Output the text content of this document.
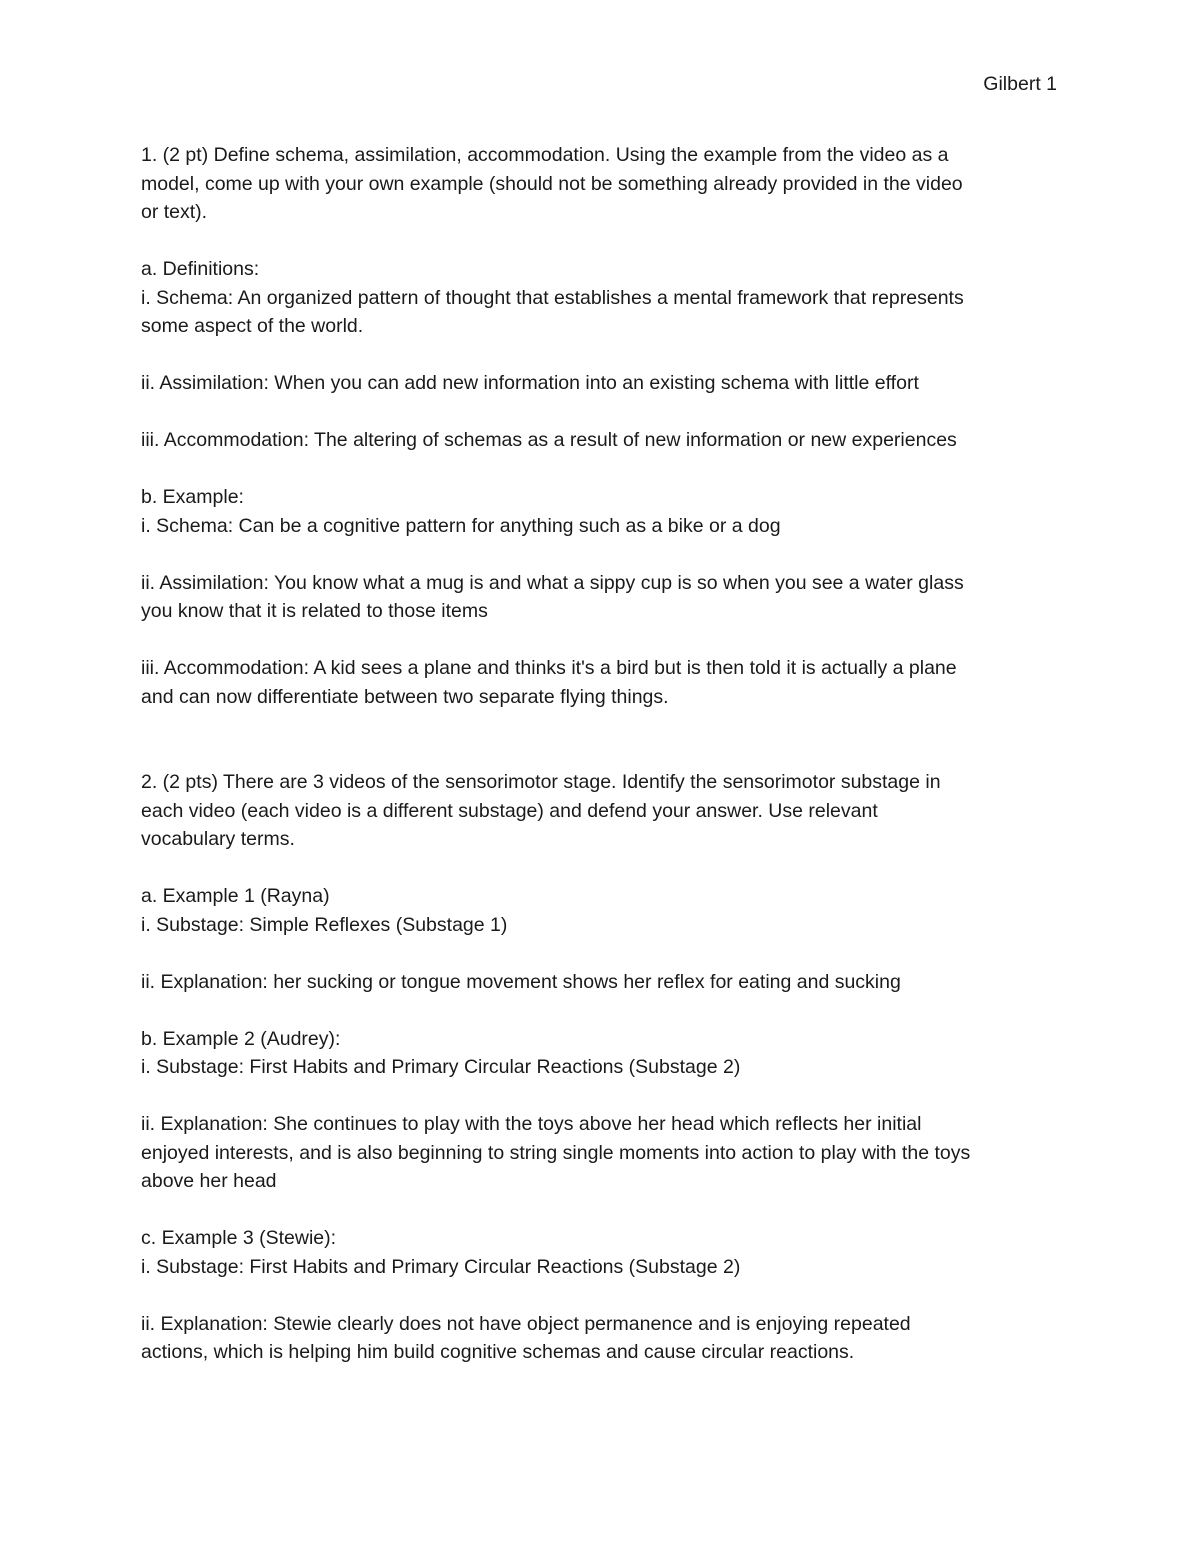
Gilbert 1

1. (2 pt) Define schema, assimilation, accommodation. Using the example from the video as a

model, come up with your own example (should not be something already provided in the video

or text).

a. Definitions:

i. Schema: An organized pattern of thought that establishes a mental framework that represents

some aspect of the world.

ii. Assimilation: When you can add new information into an existing schema with little effort

iii. Accommodation: The altering of schemas as a result of new information or new experiences

b. Example:

i. Schema: Can be a cognitive pattern for anything such as a bike or a dog

ii. Assimilation: You know what a mug is and what a sippy cup is so when you see a water glass

you know that it is related to those items

iii. Accommodation: A kid sees a plane and thinks it's a bird but is then told it is actually a plane

and can now differentiate between two separate flying things.

2. (2 pts) There are 3 videos of the sensorimotor stage. Identify the sensorimotor substage in

each video (each video is a different substage) and defend your answer. Use relevant

vocabulary terms.

a. Example 1 (Rayna)

i. Substage: Simple Reflexes (Substage 1)

ii. Explanation: her sucking or tongue movement shows her reflex for eating and sucking

b. Example 2 (Audrey):

i. Substage: First Habits and Primary Circular Reactions (Substage 2)

ii. Explanation: She continues to play with the toys above her head which reflects her initial

enjoyed interests, and is also beginning to string single moments into action to play with the toys

above her head

c. Example 3 (Stewie):

i. Substage: First Habits and Primary Circular Reactions (Substage 2)

ii. Explanation: Stewie clearly does not have object permanence and is enjoying repeated

actions, which is helping him build cognitive schemas and cause circular reactions.
